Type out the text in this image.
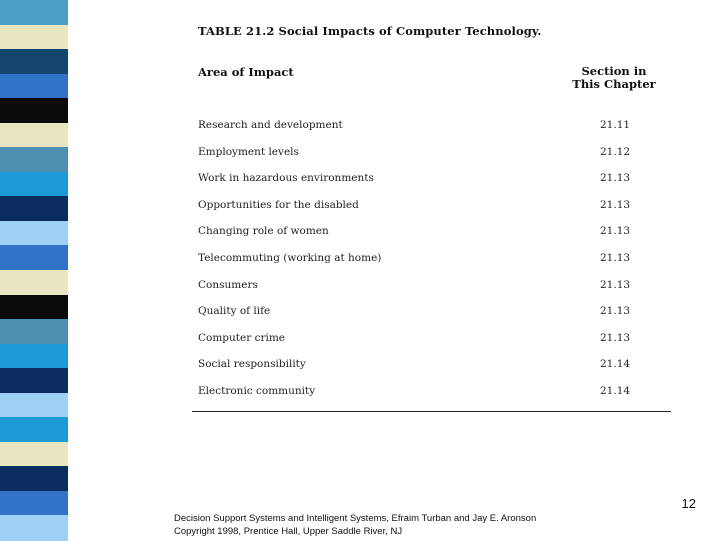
TABLE 21.2 Social Impacts of Computer Technology.
Area of Impact	Section in
This Chapter
Research and development	21.11
Employment levels	21.12
Work in hazardous environments	21.13
Opportunities for the disabled	21.13
Changing role of women	21.13
Telecommuting (working at home)	21.13
Consumers	21.13
Quality of life	21.13
Computer crime	21.13
Social responsibility	21.14
Electronic community	21.14
12
Decision Support Systems and Intelligent Systems, Efraim Turban and Jay E. Aronson
Copyright 1998, Prentice Hall, Upper Saddle River, NJ
